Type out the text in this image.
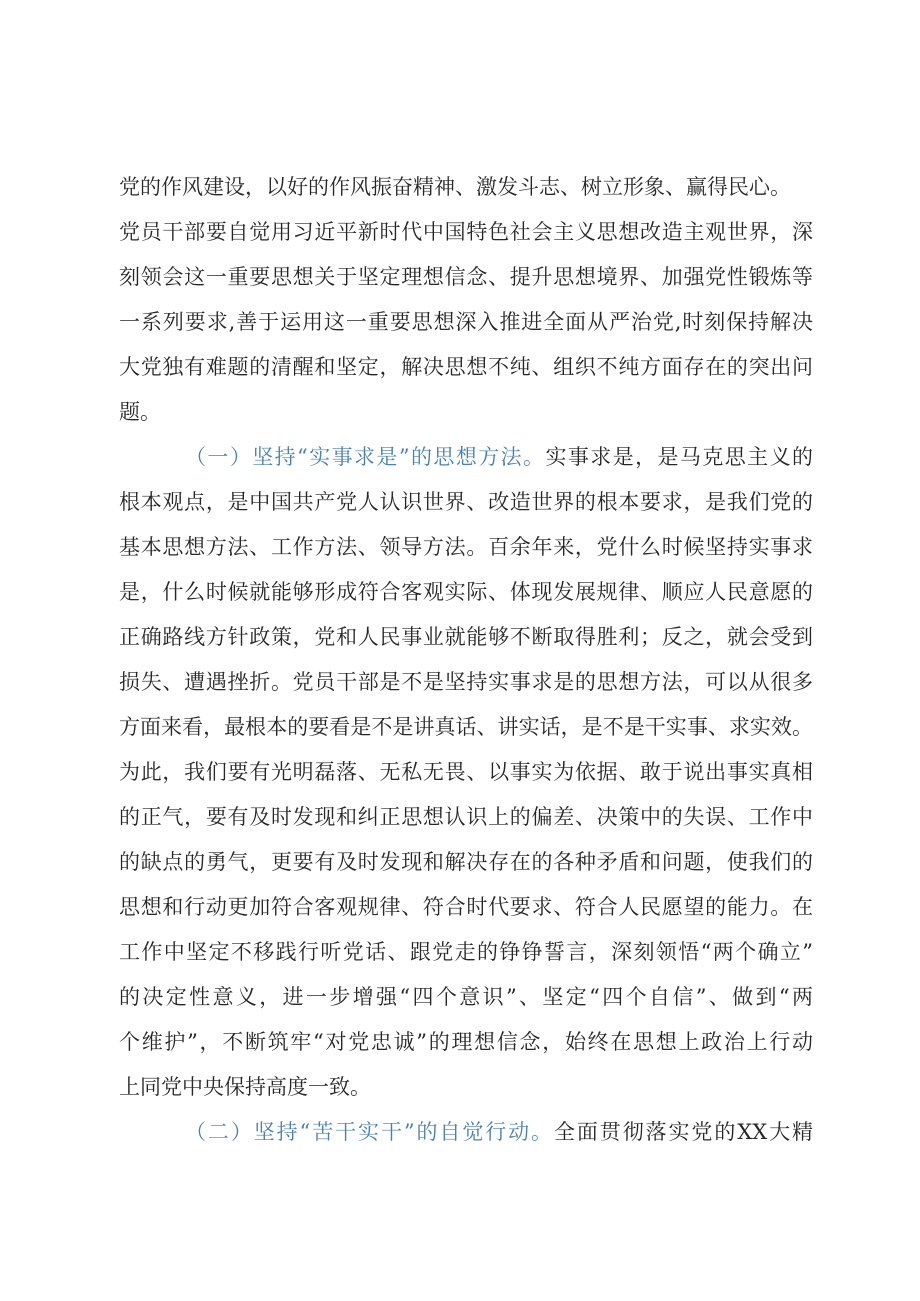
党的作风建设，以好的作风振奋精神、激发斗志、树立形象、赢得民心。
党员干部要自觉用习近平新时代中国特色社会主义思想改造主观世界，深
刻领会这一重要思想关于坚定理想信念、提升思想境界、加强党性锻炼等
一系列要求,善于运用这一重要思想深入推进全面从严治党,时刻保持解决
大党独有难题的清醒和坚定，解决思想不纯、组织不纯方面存在的突出问
题。
（一）坚持“实事求是”的思想方法。实事求是，是马克思主义的
根本观点，是中国共产党人认识世界、改造世界的根本要求，是我们党的
基本思想方法、工作方法、领导方法。百余年来，党什么时候坚持实事求
是，什么时候就能够形成符合客观实际、体现发展规律、顺应人民意愿的
正确路线方针政策，党和人民事业就能够不断取得胜利；反之，就会受到
损失、遭遇挫折。党员干部是不是坚持实事求是的思想方法，可以从很多
方面来看，最根本的要看是不是讲真话、讲实话，是不是干实事、求实效。
为此，我们要有光明磊落、无私无畏、以事实为依据、敢于说出事实真相
的正气，要有及时发现和纠正思想认识上的偏差、决策中的失误、工作中
的缺点的勇气，更要有及时发现和解决存在的各种矛盾和问题，使我们的
思想和行动更加符合客观规律、符合时代要求、符合人民愿望的能力。在
工作中坚定不移践行听党话、跟党走的铮铮誓言，深刻领悟“两个确立”
的决定性意义，进一步增强“四个意识”、坚定“四个自信”、做到“两
个维护”，不断筑牢“对党忠诚”的理想信念，始终在思想上政治上行动
上同党中央保持高度一致。
（二）坚持“苦干实干”的自觉行动。全面贯彻落实党的XX大精
